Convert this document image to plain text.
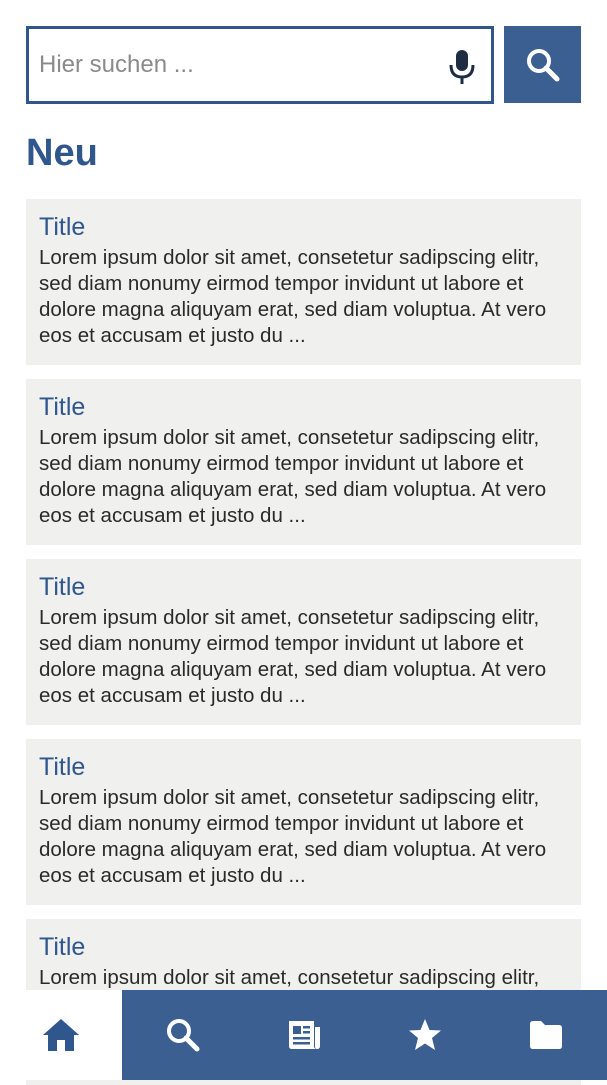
Hier suchen ...
Neu

Title

Lorem ipsum dolor sit amet, consetetur sadipscing elitr, sed diam nonumy eirmod tempor invidunt ut labore et dolore magna aliquyam erat, sed diam voluptua. At vero eos et accusam et justo du ...

Title

Lorem ipsum dolor sit amet, consetetur sadipscing elitr, sed diam nonumy eirmod tempor invidunt ut labore et dolore magna aliquyam erat, sed diam voluptua. At vero eos et accusam et justo du ...

Title

Lorem ipsum dolor sit amet, consetetur sadipscing elitr, sed diam nonumy eirmod tempor invidunt ut labore et dolore magna aliquyam erat, sed diam voluptua. At vero eos et accusam et justo du ...

Title

Lorem ipsum dolor sit amet, consetetur sadipscing elitr, sed diam nonumy eirmod tempor invidunt ut labore et dolore magna aliquyam erat, sed diam voluptua. At vero eos et accusam et justo du ...

Title

Lorem ipsum dolor sit amet, consetetur sadipscing elitr,
